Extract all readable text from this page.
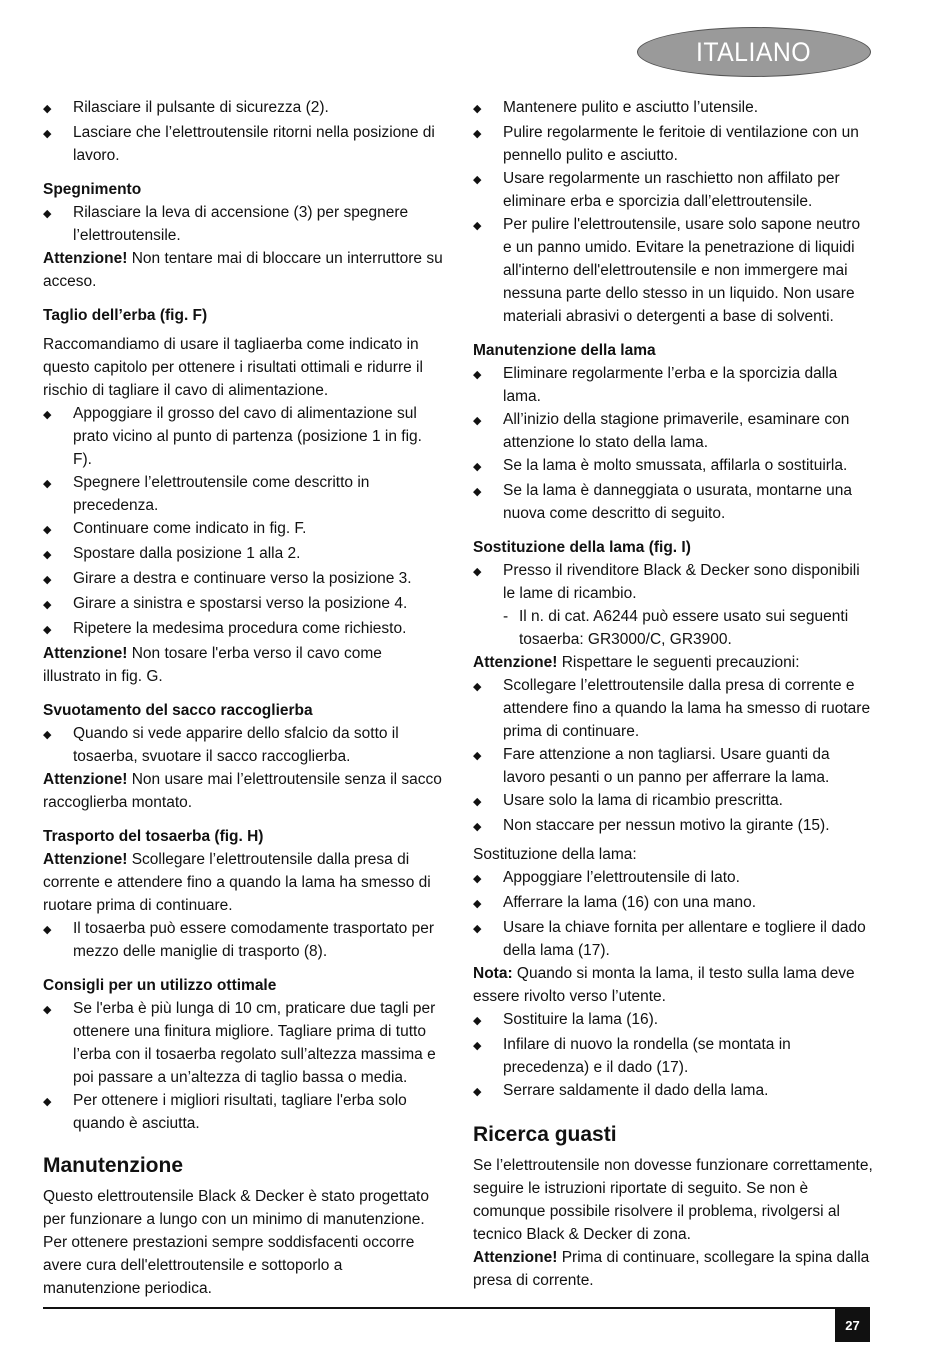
ITALIANO
◆	Rilasciare il pulsante di sicurezza (2).
◆	Lasciare che l’elettroutensile ritorni nella posizione di lavoro.
Spegnimento
◆	Rilasciare la leva di accensione (3) per spegnere l’elettroutensile.

Attenzione! Non tentare mai di bloccare un interruttore su acceso.

Taglio dell’erba (fig. F)

Raccomandiamo di usare il tagliaerba come indicato in questo capitolo per ottenere i risultati ottimali e ridurre il rischio di tagliare il cavo di alimentazione.

◆	Appoggiare il grosso del cavo di alimentazione sul prato vicino al punto di partenza (posizione 1 in fig. F).
◆	Spegnere l’elettroutensile come descritto in precedenza.
◆	Continuare come indicato in fig. F.
◆	Spostare dalla posizione 1 alla 2.
◆	Girare a destra e continuare verso la posizione 3.
◆	Girare a sinistra e spostarsi verso la posizione 4.
◆	Ripetere la medesima procedura come richiesto.

Attenzione! Non tosare l'erba verso il cavo come illustrato in fig. G.

Svuotamento del sacco raccoglierba
◆	Quando si vede apparire dello sfalcio da sotto il tosaerba, svuotare il sacco raccoglierba.

Attenzione! Non usare mai l’elettroutensile senza il sacco raccoglierba montato.

Trasporto del tosaerba (fig. H)

Attenzione! Scollegare l’elettroutensile dalla presa di corrente e attendere fino a quando la lama ha smesso di ruotare prima di continuare.

◆	Il tosaerba può essere comodamente trasportato per mezzo delle maniglie di trasporto (8).
Consigli per un utilizzo ottimale
◆	Se l'erba è più lunga di 10 cm, praticare due tagli per ottenere una finitura migliore. Tagliare prima di tutto l’erba con il tosaerba regolato sull’altezza massima e poi passare a un’altezza di taglio bassa o media.
◆	Per ottenere i migliori risultati, tagliare l'erba solo quando è asciutta.
Manutenzione

Questo elettroutensile Black & Decker è stato progettato per funzionare a lungo con un minimo di manutenzione. Per ottenere prestazioni sempre soddisfacenti occorre avere cura dell'elettroutensile e sottoporlo a manutenzione periodica.

◆	Mantenere pulito e asciutto l’utensile.
◆	Pulire regolarmente le feritoie di ventilazione con un pennello pulito e asciutto.
◆	Usare regolarmente un raschietto non affilato per eliminare erba e sporcizia dall’elettroutensile.
◆	Per pulire l'elettroutensile, usare solo sapone neutro e un panno umido. Evitare la penetrazione di liquidi all'interno dell'elettroutensile e non immergere mai nessuna parte dello stesso in un liquido. Non usare materiali abrasivi o detergenti a base di solventi.
Manutenzione della lama
◆	Eliminare regolarmente l’erba e la sporcizia dalla lama.
◆	All’inizio della stagione primaverile, esaminare con attenzione lo stato della lama.
◆	Se la lama è molto smussata, affilarla o sostituirla.
◆	Se la lama è danneggiata o usurata, montarne una nuova come descritto di seguito.
Sostituzione della lama (fig. I)
◆	Presso il rivenditore Black & Decker sono disponibili le lame di ricambio.
- Il n. di cat. A6244 può essere usato sui seguenti tosaerba: GR3000/C, GR3900.

Attenzione! Rispettare le seguenti precauzioni:

◆	Scollegare l’elettroutensile dalla presa di corrente e attendere fino a quando la lama ha smesso di ruotare prima di continuare.
◆	Fare attenzione a non tagliarsi. Usare guanti da lavoro pesanti o un panno per afferrare la lama.
◆	Usare solo la lama di ricambio prescritta.
◆	Non staccare per nessun motivo la girante (15).

Sostituzione della lama:

◆	Appoggiare l’elettroutensile di lato.
◆	Afferrare la lama (16) con una mano.
◆	Usare la chiave fornita per allentare e togliere il dado della lama (17).

Nota: Quando si monta la lama, il testo sulla lama deve essere rivolto verso l’utente.

◆	Sostituire la lama (16).
◆	Infilare di nuovo la rondella (se montata in precedenza) e il dado (17).
◆	Serrare saldamente il dado della lama.
Ricerca guasti

Se l’elettroutensile non dovesse funzionare correttamente, seguire le istruzioni riportate di seguito. Se non è comunque possibile risolvere il problema, rivolgersi al tecnico Black & Decker di zona.

Attenzione! Prima di continuare, scollegare la spina dalla presa di corrente.

27
